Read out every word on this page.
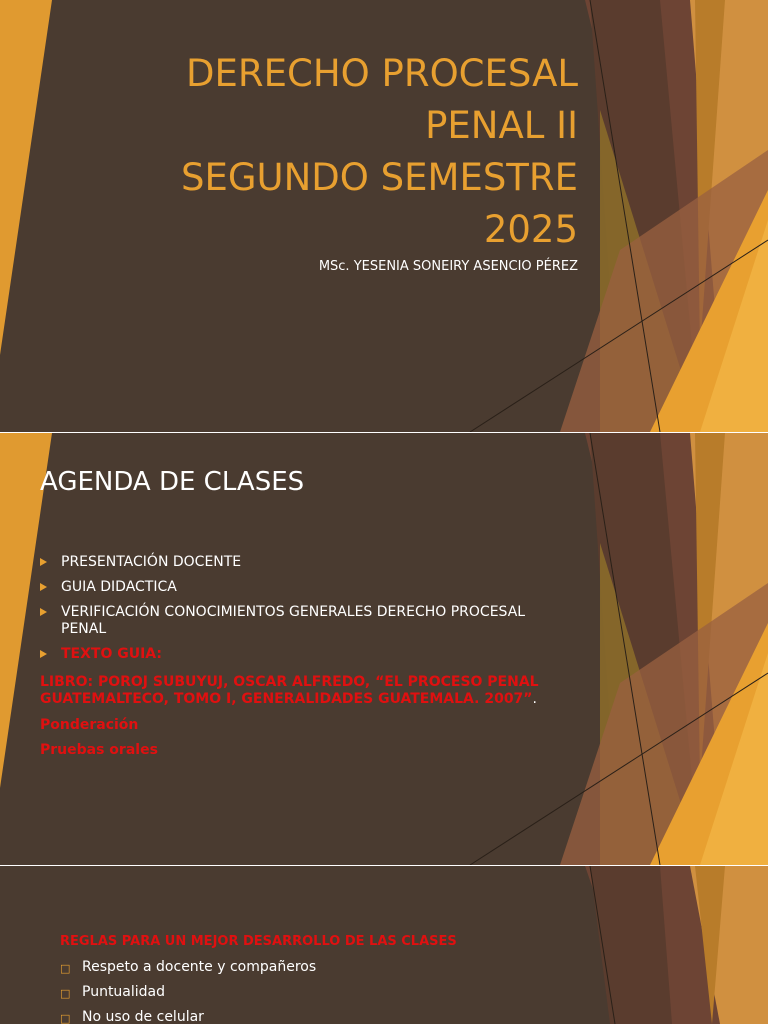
DERECHO PROCESAL
PENAL II
SEGUNDO SEMESTRE
2025

MSc. YESENIA SONEIRY ASENCIO PÉREZ

AGENDA DE CLASES
PRESENTACIÓN DOCENTE
GUIA DIDACTICA
VERIFICACIÓN CONOCIMIENTOS GENERALES DERECHO PROCESAL PENAL
TEXTO GUIA:

LIBRO: POROJ SUBUYUJ, OSCAR ALFREDO, “EL PROCESO PENAL GUATEMALTECO, TOMO I, GENERALIDADES GUATEMALA. 2007”.

Ponderación

Pruebas orales

REGLAS PARA UN MEJOR DESARROLLO DE LAS CLASES

□ Respeto a docente y compañeros
□ Puntualidad
□ No uso de celular
